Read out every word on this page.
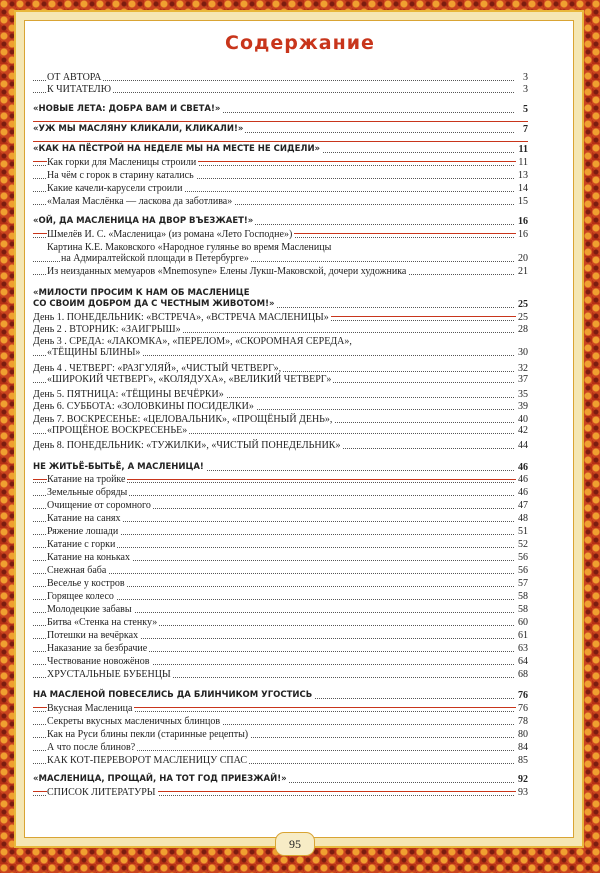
Содержание
ОТ АВТОРА	3
К ЧИТАТЕЛЮ	3
«НОВЫЕ ЛЕТА: ДОБРА ВАМ И СВЕТА!»	5
«УЖ МЫ МАСЛЯНУ КЛИКАЛИ, КЛИКАЛИ!»	7
«КАК НА ПЁСТРОЙ НА НЕДЕЛЕ МЫ НА МЕСТЕ НЕ СИДЕЛИ»	11
Как горки для Масленицы строили	11
На чём с горок в старину катались	13
Какие качели-карусели строили	14
«Малая Маслёнка — ласкова да заботлива»	15
«ОЙ, ДА МАСЛЕНИЦА НА ДВОР ВЪЕЗЖАЕТ!»	16
Шмелёв И. С. «Масленица» (из романа «Лето Господне»)	16
Картина К.Е. Маковского «Народное гулянье во время Масленицы
на Адмиралтейской площади в Петербурге»	20
Из неизданных мемуаров «Mnemosyne» Елены Лукш-Маковской, дочери художника	21
«МИЛОСТИ ПРОСИМ К НАМ ОБ МАСЛЕНИЦЕ
СО СВОИМ ДОБРОМ ДА С ЧЕСТНЫМ ЖИВОТОМ!»	25
День 1. ПОНЕДЕЛЬНИК: «ВСТРЕЧА», «ВСТРЕЧА МАСЛЕНИЦЫ»	25
День 2 . ВТОРНИК: «ЗАИГРЫШ»	28
День 3 . СРЕДА: «ЛАКОМКА», «ПЕРЕЛОМ», «СКОРОМНАЯ СЕРЕДА»,
«ТЁЩИНЫ БЛИНЫ»	30
День 4 . ЧЕТВЕРГ: «РАЗГУЛЯЙ», «ЧИСТЫЙ ЧЕТВЕРГ»,	32
«ШИРОКИЙ ЧЕТВЕРГ», «КОЛЯДУХА», «ВЕЛИКИЙ ЧЕТВЕРГ»	37
День 5. ПЯТНИЦА: «ТЁЩИНЫ ВЕЧЁРКИ»	35
День 6. СУББОТА: «ЗОЛОВКИНЫ ПОСИДЕЛКИ»	39
День 7. ВОСКРЕСЕНЬЕ: «ЦЕЛОВАЛЬНИК», «ПРОЩЁНЫЙ ДЕНЬ»,	40
«ПРОЩЁНОЕ ВОСКРЕСЕНЬЕ»	42
День 8. ПОНЕДЕЛЬНИК: «ТУЖИЛКИ», «ЧИСТЫЙ ПОНЕДЕЛЬНИК»	44
НЕ ЖИТЬЁ-БЫТЬЁ, А МАСЛЕНИЦА!	46
Катание на тройке	46
Земельные обряды	46
Очищение от соромного	47
Катание на санях	48
Ряжение лошади	51
Катание с горки	52
Катание на коньках	56
Снежная баба	56
Веселье у костров	57
Горящее колесо	58
Молодецкие забавы	58
Битва «Стенка на стенку»	60
Потешки на вечёрках	61
Наказание за безбрачие	63
Чествование новожёнов	64
ХРУСТАЛЬНЫЕ БУБЕНЦЫ	68
НА МАСЛЕНОЙ ПОВЕСЕЛИСЬ ДА БЛИНЧИКОМ УГОСТИСЬ	76
Вкусная Масленица	76
Секреты вкусных масленичных блинцов	78
Как на Руси блины пекли (старинные рецепты)	80
А что после блинов?	84
КАК КОТ-ПЕРЕВОРОТ МАСЛЕНИЦУ СПАС	85
«МАСЛЕНИЦА, ПРОЩАЙ, НА ТОТ ГОД ПРИЕЗЖАЙ!»	92
СПИСОК ЛИТЕРАТУРЫ	93
95
